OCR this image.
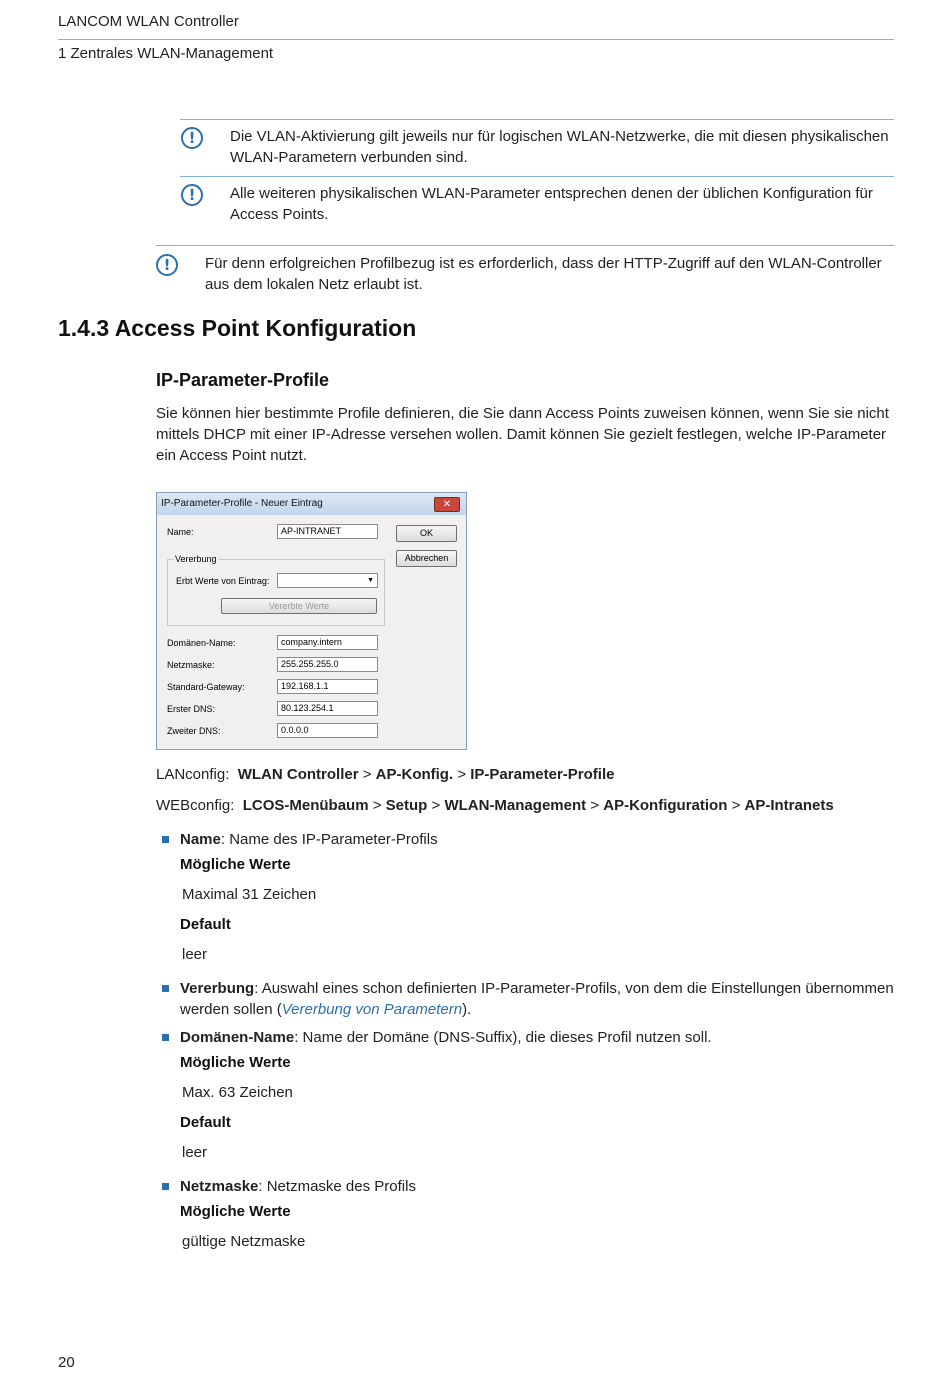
LANCOM WLAN Controller
1 Zentrales WLAN-Management
!	Die VLAN-Aktivierung gilt jeweils nur für logischen WLAN-Netzwerke, die mit diesen physikalischen WLAN-Parametern verbunden sind.
!	Alle weiteren physikalischen WLAN-Parameter entsprechen denen der üblichen Konfiguration für Access Points.
!	Für denn erfolgreichen Profilbezug ist es erforderlich, dass der HTTP-Zugriff auf den WLAN-Controller aus dem lokalen Netz erlaubt ist.
1.4.3 Access Point Konfiguration
IP-Parameter-Profile
Sie können hier bestimmte Profile definieren, die Sie dann Access Points zuweisen können, wenn Sie sie nicht mittels DHCP mit einer IP-Adresse versehen wollen. Damit können Sie gezielt festlegen, welche IP-Parameter ein Access Point nutzt.
IP-Parameter-Profile - Neuer Eintrag	✕
Name:	AP-INTRANET	OK
Abbrechen
Vererbung
Erbt Werte von Eintrag:	▼
Vererbte Werte
Domänen-Name:	company.intern
Netzmaske:	255.255.255.0
Standard-Gateway:	192.168.1.1
Erster DNS:	80.123.254.1
Zweiter DNS:	0.0.0.0
LANconfig: WLAN Controller > AP-Konfig. > IP-Parameter-Profile
WEBconfig: LCOS-Menübaum > Setup > WLAN-Management > AP-Konfiguration > AP-Intranets
Name: Name des IP-Parameter-Profils
Mögliche Werte
Maximal 31 Zeichen
Default
leer
Vererbung: Auswahl eines schon definierten IP-Parameter-Profils, von dem die Einstellungen übernommen werden sollen (Vererbung von Parametern).
Domänen-Name: Name der Domäne (DNS-Suffix), die dieses Profil nutzen soll.
Mögliche Werte
Max. 63 Zeichen
Default
leer
Netzmaske: Netzmaske des Profils
Mögliche Werte
gültige Netzmaske
20
